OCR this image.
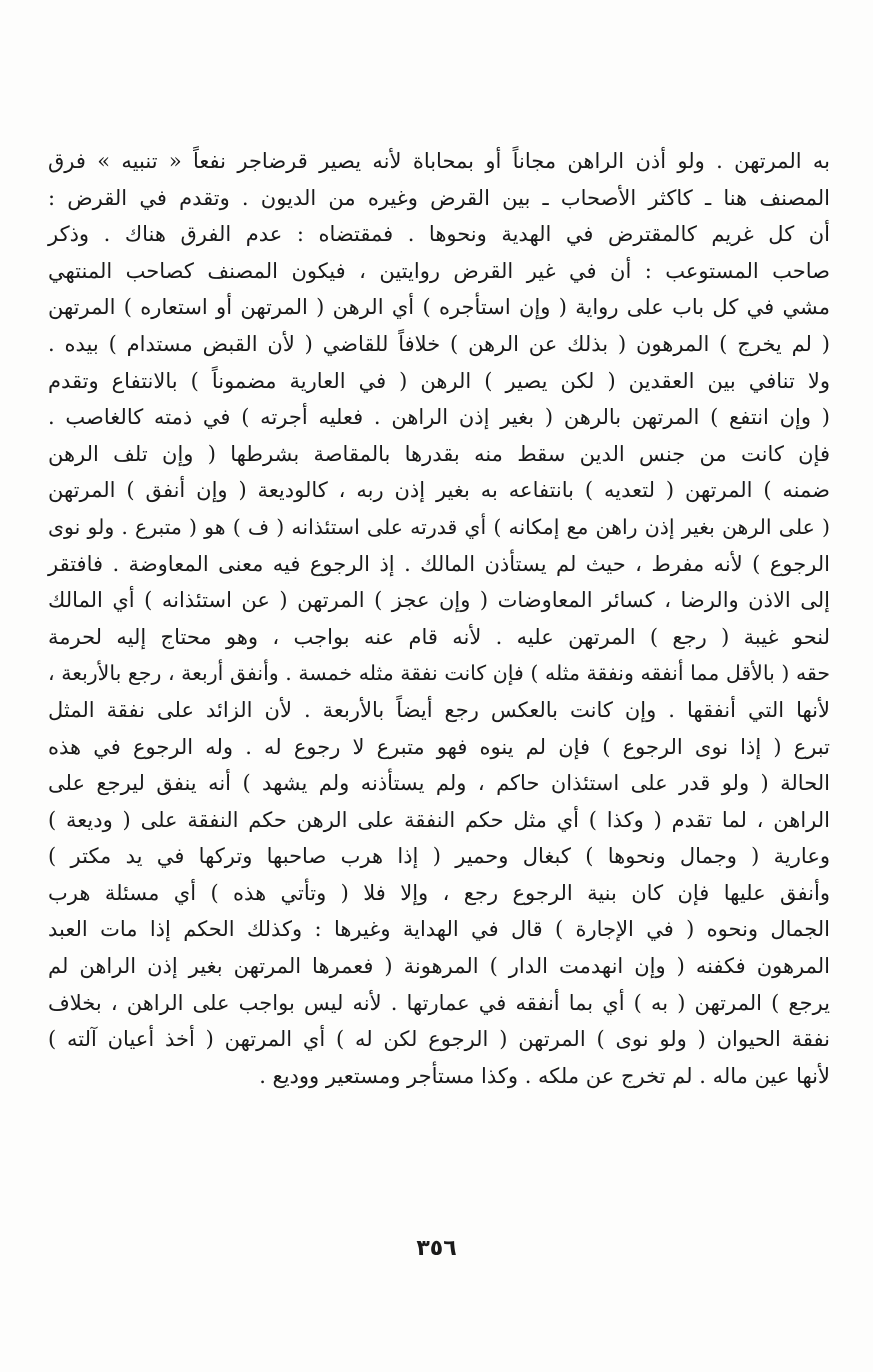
به المرتهن . ولو أذن الراهن مجاناً أو بمحاباة لأنه يصير قرضاجر نفعاً « تنبيه » فرق
المصنف هنا ـ كاكثر الأصحاب ـ بين القرض وغيره من الديون . وتقدم في القرض :
أن كل غريم كالمقترض في الهدية ونحوها . فمقتضاه : عدم الفرق هناك . وذكر
صاحب المستوعب : أن في غير القرض روايتين ، فيكون المصنف كصاحب المنتهي
مشي في كل باب على رواية ( وإن استأجره ) أي الرهن ( المرتهن أو استعاره ) المرتهن
( لم يخرج ) المرهون ( بذلك عن الرهن ) خلافاً للقاضي ( لأن القبض مستدام ) بيده .
ولا تنافي بين العقدين ( لكن يصير ) الرهن ( في العارية مضموناً ) بالانتفاع وتقدم
( وإن انتفع ) المرتهن بالرهن ( بغير إذن الراهن . فعليه أجرته ) في ذمته كالغاصب .
فإن كانت من جنس الدين سقط منه بقدرها بالمقاصة بشرطها ( وإن تلف الرهن
ضمنه ) المرتهن ( لتعديه ) بانتفاعه به بغير إذن ربه ، كالوديعة ( وإن أنفق ) المرتهن
( على الرهن بغير إذن راهن مع إمكانه ) أي قدرته على استئذانه ( ف ) هو ( متبرع . ولو نوى
الرجوع ) لأنه مفرط ، حيث لم يستأذن المالك . إذ الرجوع فيه معنى المعاوضة . فافتقر
إلى الاذن والرضا ، كسائر المعاوضات ( وإن عجز ) المرتهن ( عن استئذانه ) أي المالك
لنحو غيبة ( رجع ) المرتهن عليه . لأنه قام عنه بواجب ، وهو محتاج إليه لحرمة
حقه ( بالأقل مما أنفقه ونفقة مثله ) فإن كانت نفقة مثله خمسة . وأنفق أربعة ، رجع بالأربعة ،
لأنها التي أنفقها . وإن كانت بالعكس رجع أيضاً بالأربعة . لأن الزائد على نفقة المثل
تبرع ( إذا نوى الرجوع ) فإن لم ينوه فهو متبرع لا رجوع له . وله الرجوع في هذه
الحالة ( ولو قدر على استئذان حاكم ، ولم يستأذنه ولم يشهد ) أنه ينفق ليرجع على
الراهن ، لما تقدم ( وكذا ) أي مثل حكم النفقة على الرهن حكم النفقة على ( وديعة )
وعارية ( وجمال ونحوها ) كبغال وحمير ( إذا هرب صاحبها وتركها في يد مكتر )
وأنفق عليها فإن كان بنية الرجوع رجع ، وإلا فلا ( وتأتي هذه ) أي مسئلة هرب
الجمال ونحوه ( في الإجارة ) قال في الهداية وغيرها : وكذلك الحكم إذا مات العبد
المرهون فكفنه ( وإن انهدمت الدار ) المرهونة ( فعمرها المرتهن بغير إذن الراهن لم
يرجع ) المرتهن ( به ) أي بما أنفقه في عمارتها . لأنه ليس بواجب على الراهن ، بخلاف
نفقة الحيوان ( ولو نوى ) المرتهن ( الرجوع لكن له ) أي المرتهن ( أخذ أعيان آلته )
لأنها عين ماله . لم تخرج عن ملكه . وكذا مستأجر ومستعير ووديع .
٣٥٦
